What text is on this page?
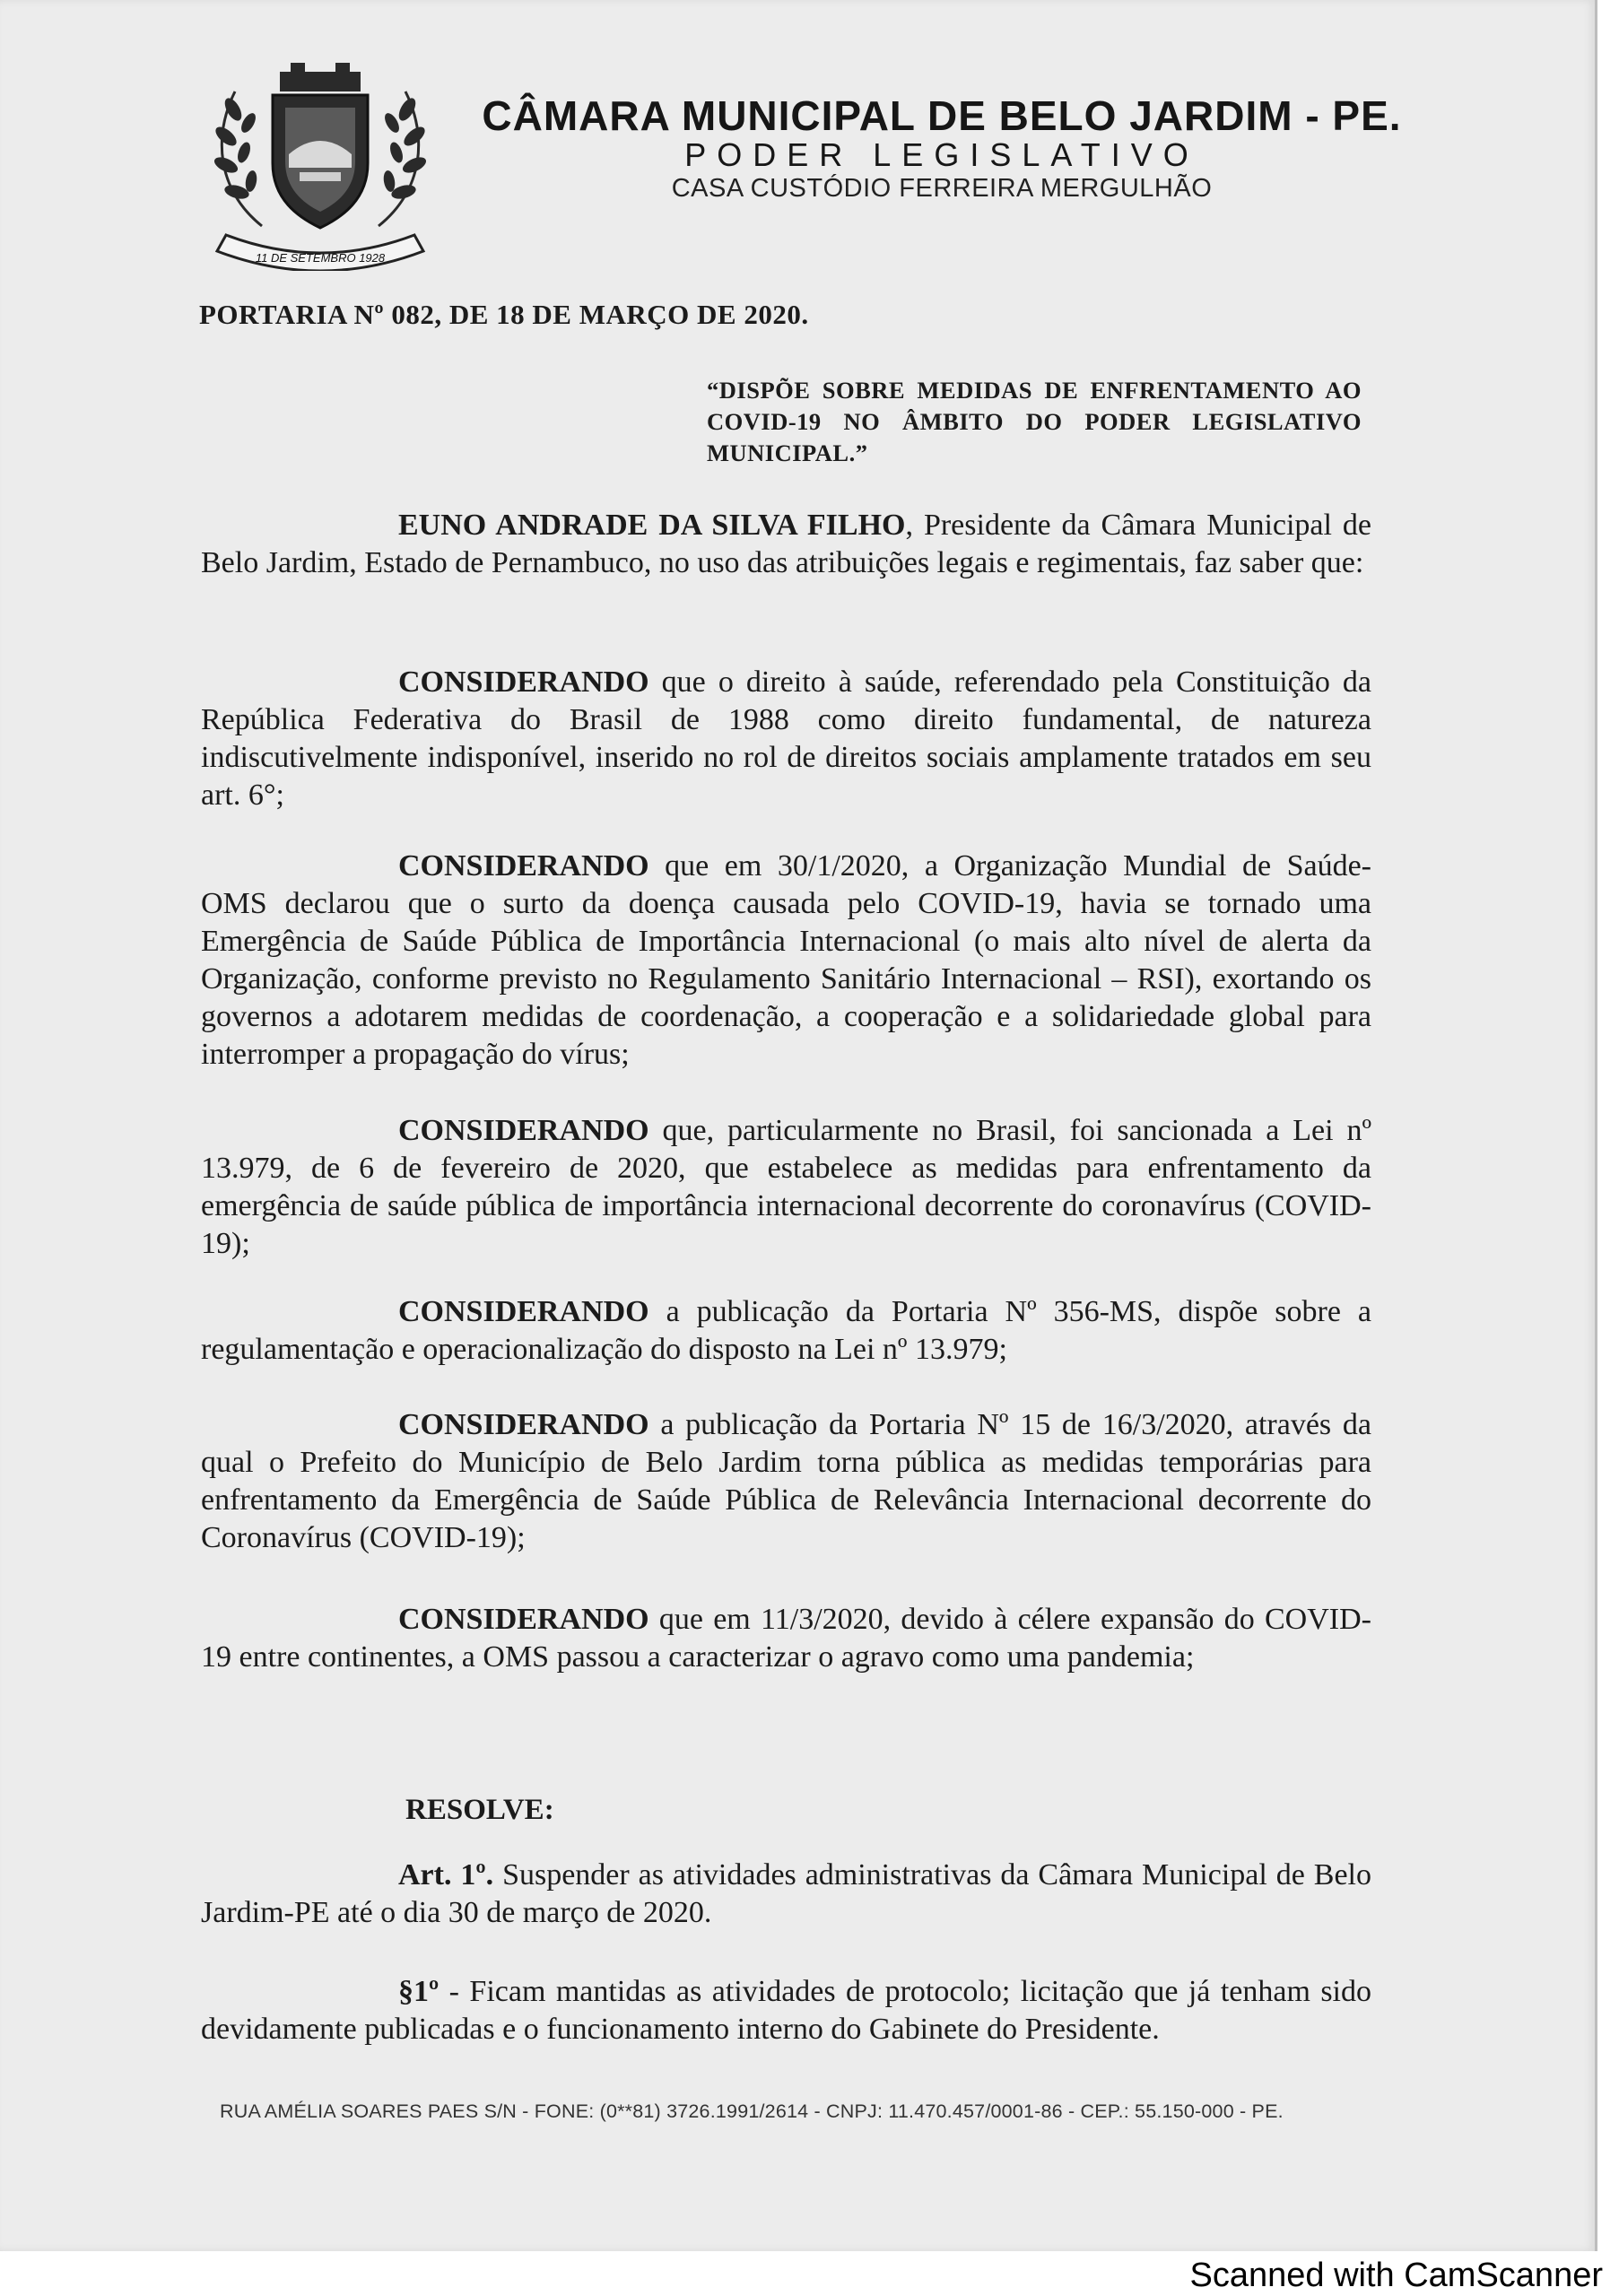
11 DE SETEMBRO 1928
CÂMARA MUNICIPAL DE BELO JARDIM - PE.
PODER LEGISLATIVO
CASA CUSTÓDIO FERREIRA MERGULHÃO

PORTARIA Nº 082, DE 18 DE MARÇO DE 2020.

“DISPÕE SOBRE MEDIDAS DE ENFRENTAMENTO AO COVID-19 NO ÂMBITO DO PODER LEGISLATIVO MUNICIPAL.”

EUNO ANDRADE DA SILVA FILHO, Presidente da Câmara Municipal de Belo Jardim, Estado de Pernambuco, no uso das atribuições legais e regimentais, faz saber que:

CONSIDERANDO que o direito à saúde, referendado pela Constituição da República Federativa do Brasil de 1988 como direito fundamental, de natureza indiscutivelmente indisponível, inserido no rol de direitos sociais amplamente tratados em seu art. 6°;

CONSIDERANDO que em 30/1/2020, a Organização Mundial de Saúde-OMS declarou que o surto da doença causada pelo COVID-19, havia se tornado uma Emergência de Saúde Pública de Importância Internacional (o mais alto nível de alerta da Organização, conforme previsto no Regulamento Sanitário Internacional – RSI), exortando os governos a adotarem medidas de coordenação, a cooperação e a solidariedade global para interromper a propagação do vírus;

CONSIDERANDO que, particularmente no Brasil, foi sancionada a Lei nº 13.979, de 6 de fevereiro de 2020, que estabelece as medidas para enfrentamento da emergência de saúde pública de importância internacional decorrente do coronavírus (COVID-19);

CONSIDERANDO a publicação da Portaria Nº 356-MS, dispõe sobre a regulamentação e operacionalização do disposto na Lei nº 13.979;

CONSIDERANDO a publicação da Portaria Nº 15 de 16/3/2020, através da qual o Prefeito do Município de Belo Jardim torna pública as medidas temporárias para enfrentamento da Emergência de Saúde Pública de Relevância Internacional decorrente do Coronavírus (COVID-19);

CONSIDERANDO que em 11/3/2020, devido à célere expansão do COVID-19 entre continentes, a OMS passou a caracterizar o agravo como uma pandemia;

RESOLVE:

Art. 1º. Suspender as atividades administrativas da Câmara Municipal de Belo Jardim-PE até o dia 30 de março de 2020.

§1º - Ficam mantidas as atividades de protocolo; licitação que já tenham sido devidamente publicadas e o funcionamento interno do Gabinete do Presidente.

RUA AMÉLIA SOARES PAES S/N - FONE: (0**81) 3726.1991/2614 - CNPJ: 11.470.457/0001-86 - CEP.: 55.150-000 - PE.

Scanned with CamScanner
